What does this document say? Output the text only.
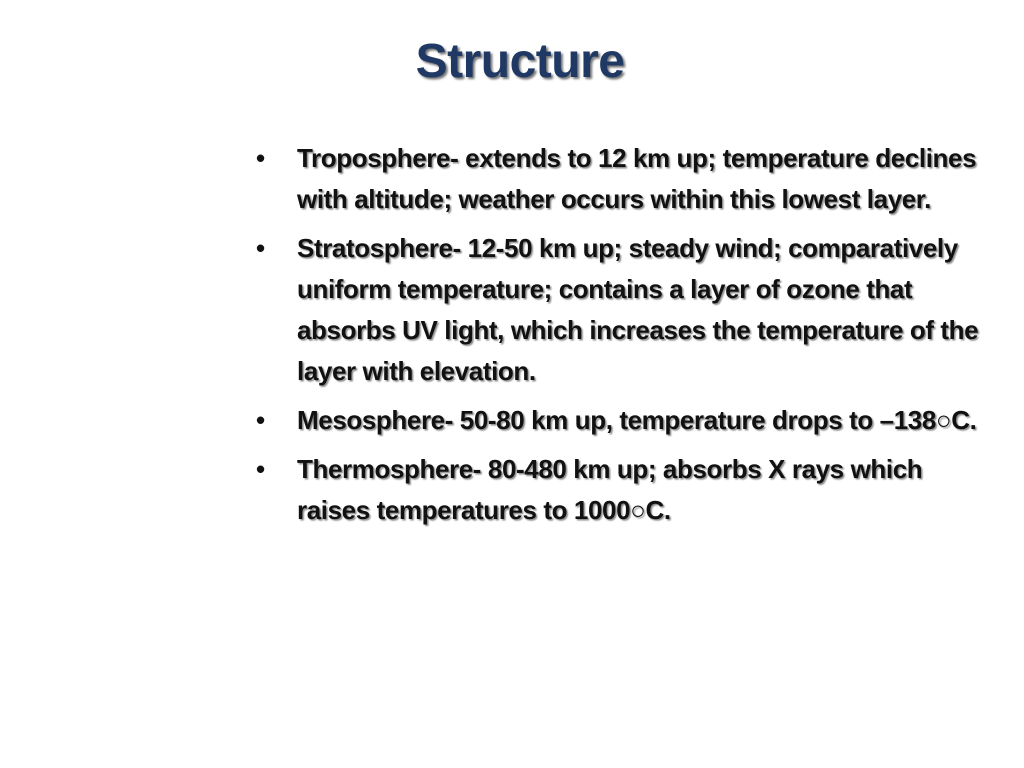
Structure
• Troposphere- extends to 12 km up; temperature declines with altitude; weather occurs within this lowest layer.
• Stratosphere- 12-50 km up; steady wind; comparatively uniform temperature; contains a layer of ozone that absorbs UV light, which increases the temperature of the layer with elevation.
• Mesosphere- 50-80 km up, temperature drops to –138○C.
• Thermosphere- 80-480 km up; absorbs X rays which raises temperatures to 1000○C.
